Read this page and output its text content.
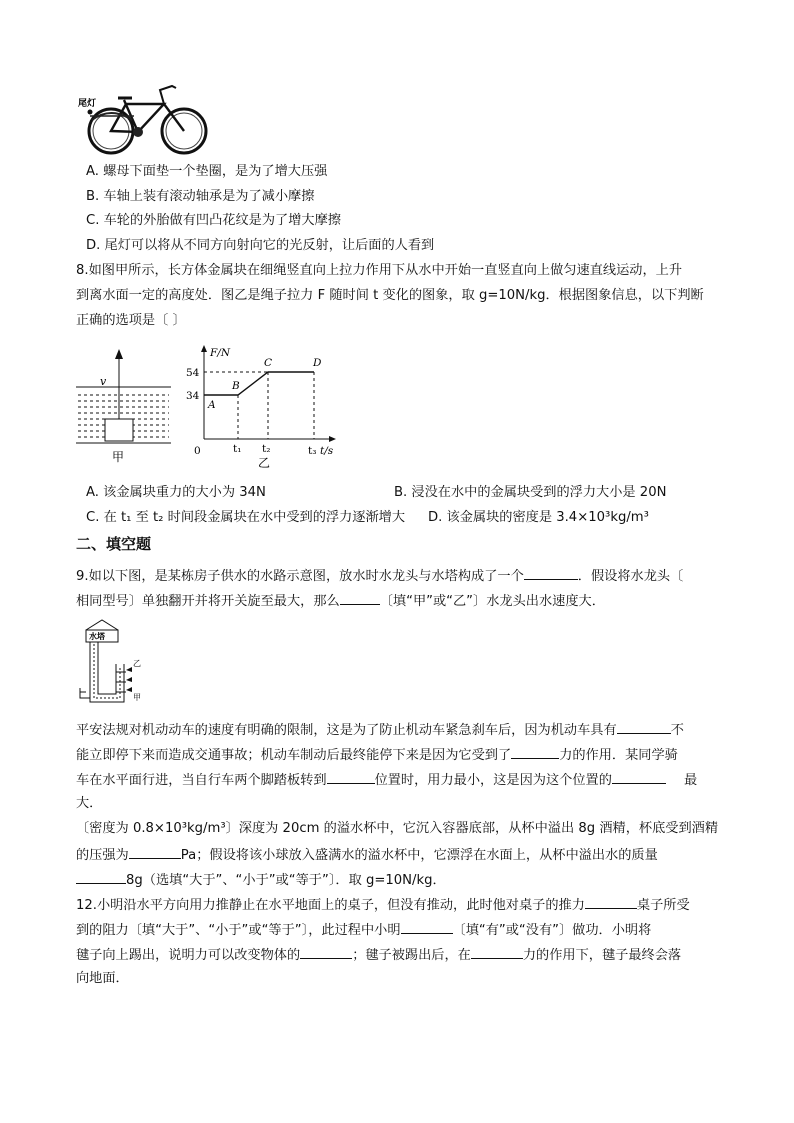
尾灯
A. 螺母下面垫一个垫圈，是为了增大压强
B. 车轴上装有滚动轴承是为了减小摩擦
C. 车轮的外胎做有凹凸花纹是为了增大摩擦
D. 尾灯可以将从不同方向射向它的光反射，让后面的人看到
8.如图甲所示，长方体金属块在细绳竖直向上拉力作用下从水中开始一直竖直向上做匀速直线运动，上升
到离水面一定的高度处．图乙是绳子拉力 F 随时间 t 变化的图象，取 g=10N/kg．根据图象信息，以下判断
正确的选项是〔 〕
v
甲
F/N
t/s
0
54
34
A
B
C	D
t₁ t₂	t₃
乙
A. 该金属块重力的大小为 34N	B. 浸没在水中的金属块受到的浮力大小是 20N
C. 在 t₁ 至 t₂ 时间段金属块在水中受到的浮力逐渐增大 D. 该金属块的密度是 3.4×10³kg/m³
二、填空题
9.如以下图，是某栋房子供水的水路示意图，放水时水龙头与水塔构成了一个	．假设将水龙头〔
相同型号〕单独翻开并将开关旋至最大，那么	〔填“甲”或“乙”〕水龙头出水速度大．
水塔
乙
甲
平安法规对机动动车的速度有明确的限制，这是为了防止机动车紧急刹车后，因为机动车具有	不
能立即停下来而造成交通事故；机动车制动后最终能停下来是因为它受到了	力的作用．某同学骑
车在水平面行进，当自行车两个脚踏板转到	位置时，用力最小，这是因为这个位置的	最
大．
〔密度为 0.8×10³kg/m³〕深度为 20cm 的溢水杯中，它沉入容器底部，从杯中溢出 8g 酒精，杯底受到酒精
的压强为	Pa；假设将该小球放入盛满水的溢水杯中，它漂浮在水面上，从杯中溢出水的质量
8g（选填“大于”、“小于”或“等于”〕．取 g=10N/kg．
12.小明沿水平方向用力推静止在水平地面上的桌子，但没有推动，此时他对桌子的推力	桌子所受
到的阻力〔填“大于”、“小于”或“等于”〕，此过程中小明	〔填“有”或“没有”〕做功．小明将
毽子向上踢出，说明力可以改变物体的	；毽子被踢出后，在	力的作用下，毽子最终会落
向地面．
